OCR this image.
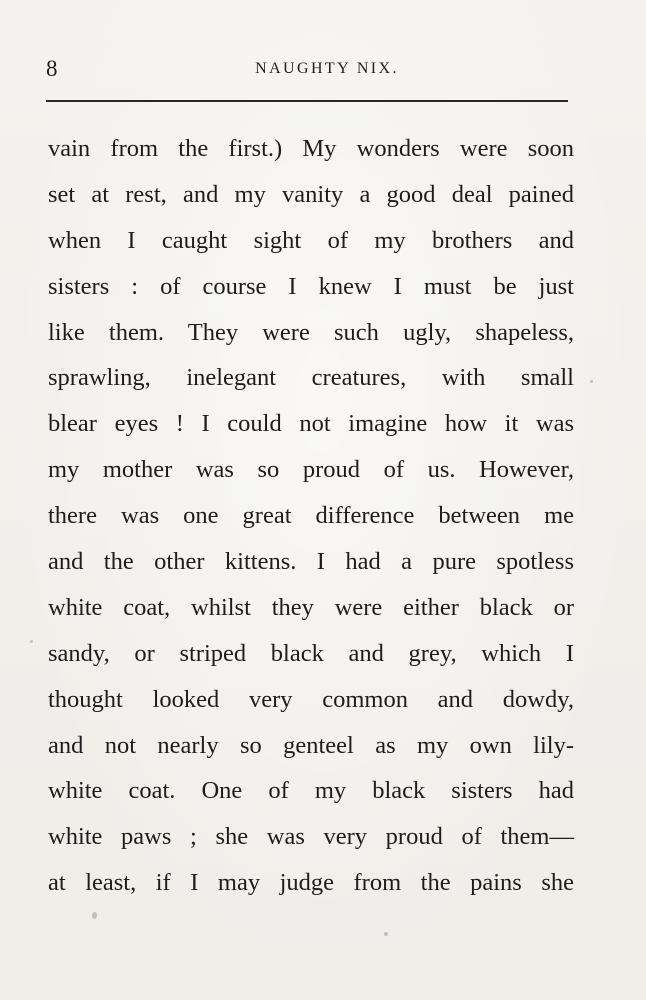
8	NAUGHTY NIX.
vain from the first.) My wonders were soon
set at rest, and my vanity a good deal pained
when I caught sight of my brothers and
sisters : of course I knew I must be just
like them. They were such ugly, shapeless,
sprawling, inelegant creatures, with small
blear eyes ! I could not imagine how it was
my mother was so proud of us. However,
there was one great difference between me
and the other kittens. I had a pure spotless
white coat, whilst they were either black or
sandy, or striped black and grey, which I
thought looked very common and dowdy,
and not nearly so genteel as my own lily-
white coat. One of my black sisters had
white paws ; she was very proud of them—
at least, if I may judge from the pains she
